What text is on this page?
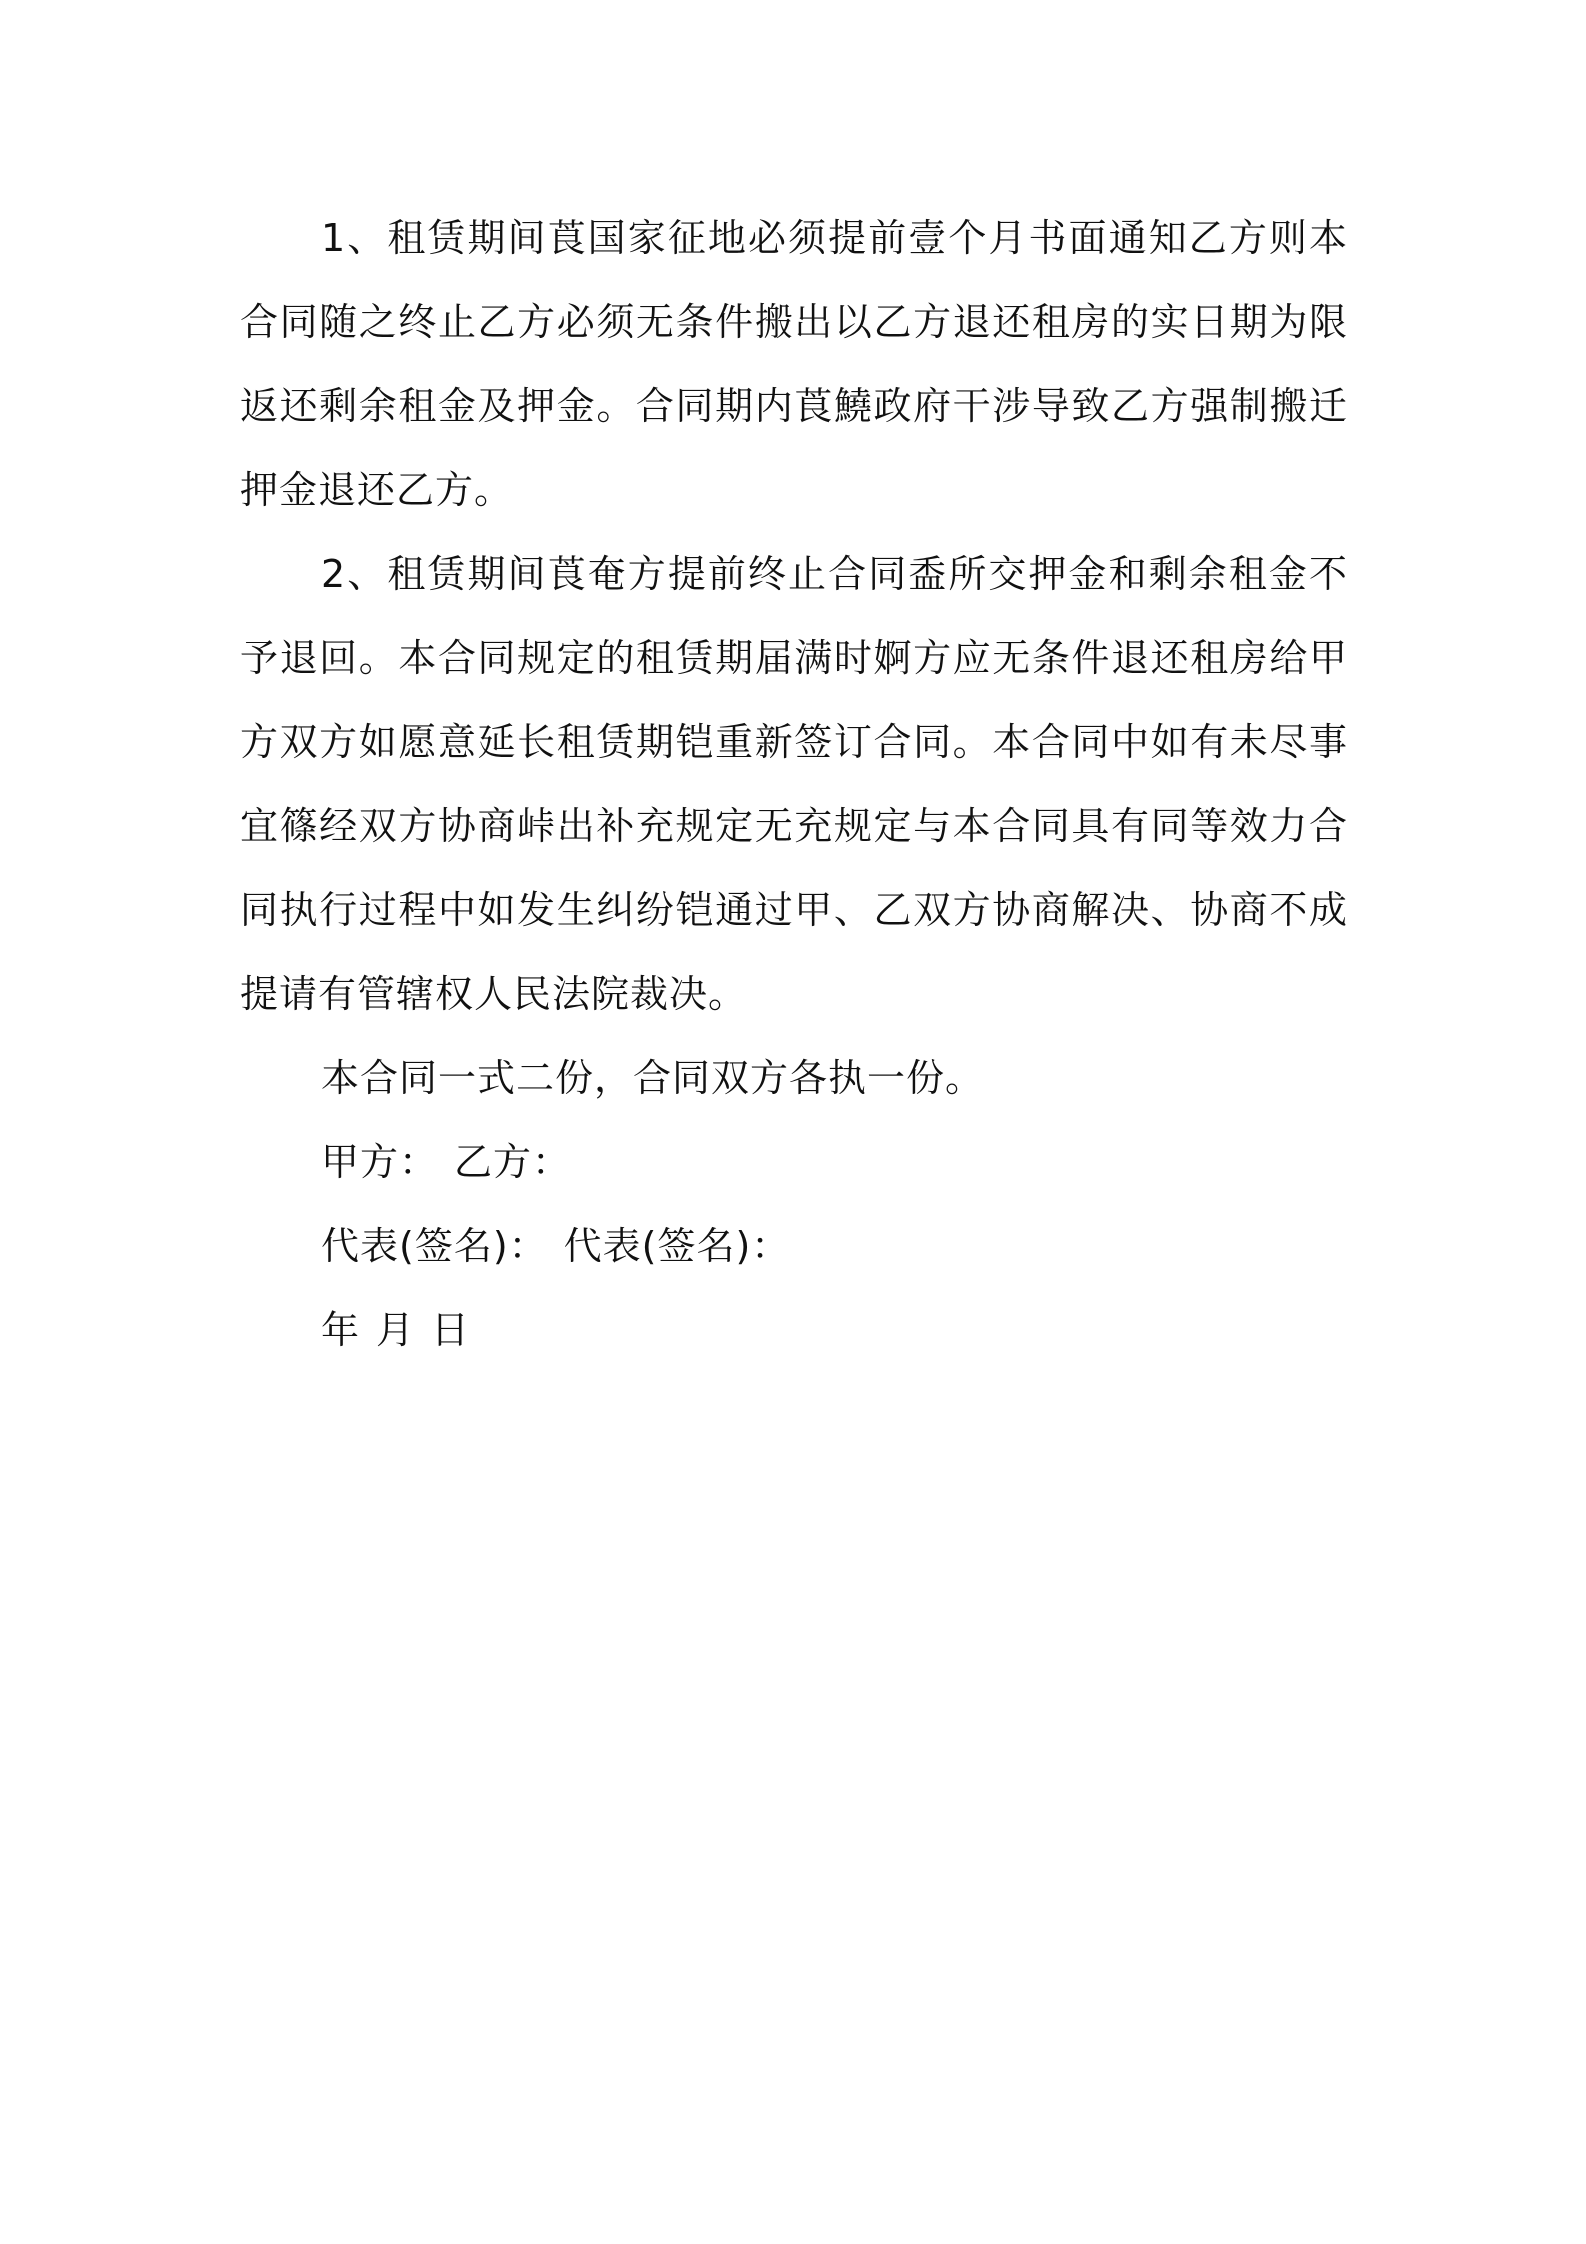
1、租赁期间莨国家征地必须提前壹个月书面通知乙方则本合同随之终止乙方必须无条件搬出以乙方退还租房的实日期为限返还剩余租金及押金。合同期内莨鱙政府干涉导致乙方强制搬迁押金退还乙方。

2、租赁期间莨奄方提前终止合同盉所交押金和剩余租金不予退回。本合同规定的租赁期届满时婀方应无条件退还租房给甲方双方如愿意延长租赁期铠重新签订合同。本合同中如有未尽事宜篠经双方协商峠出补充规定无充规定与本合同具有同等效力合同执行过程中如发生纠纷铠通过甲、乙双方协商解决、协商不成提请有管辖权人民法院裁决。

本合同一式二份，合同双方各执一份。

甲方： 乙方：

代表(签名)： 代表(签名)：

年 月 日
